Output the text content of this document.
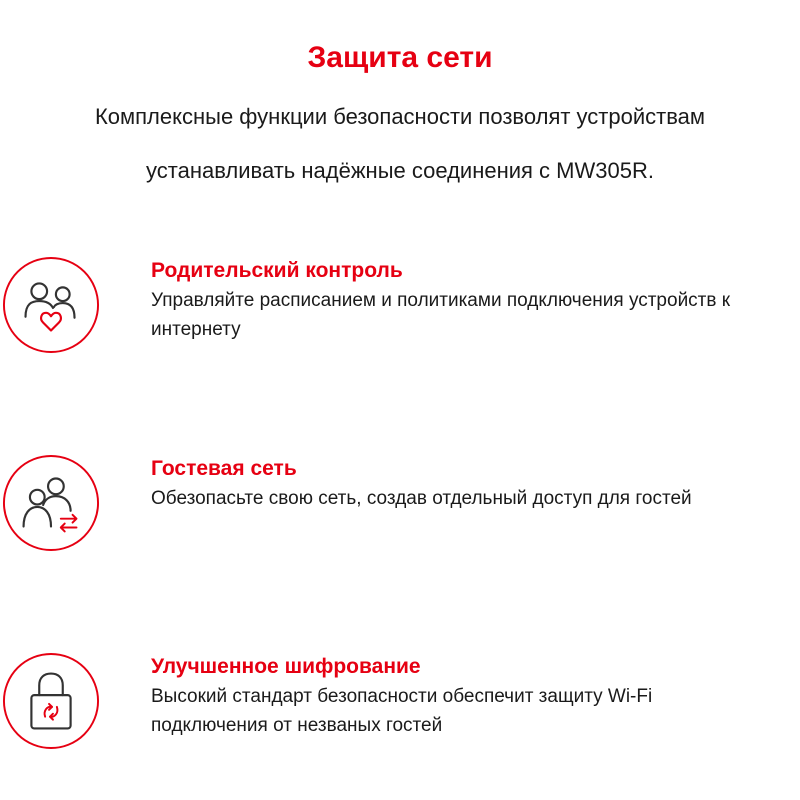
Защита сети
Комплексные функции безопасности позволят устройствам
устанавливать надёжные соединения с MW305R.
Родительский контроль
Управляйте расписанием и политиками подключения устройств к интернету
Гостевая сеть
Обезопасьте свою сеть, создав отдельный доступ для гостей
Улучшенное шифрование
Высокий стандарт безопасности обеспечит защиту Wi-Fi подключения от незваных гостей
